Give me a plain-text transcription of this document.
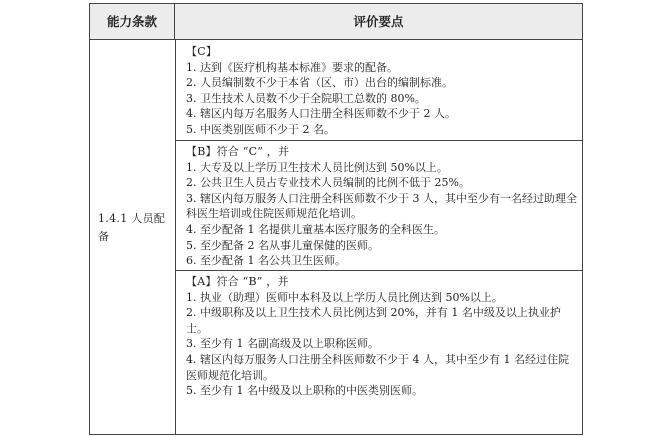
能力条款	评价要点
1.4.1 人员配备
【C】
1. 达到《医疗机构基本标准》要求的配备。
2. 人员编制数不少于本省（区、市）出台的编制标准。
3. 卫生技术人员数不少于全院职工总数的 80%。
4. 辖区内每万名服务人口注册全科医师数不少于 2 人。
5. 中医类别医师不少于 2 名。
【B】符合 “C” ，并
1. 大专及以上学历卫生技术人员比例达到 50%以上。
2. 公共卫生人员占专业技术人员编制的比例不低于 25%。
3. 辖区内每万服务人口注册全科医师数不少于 3 人，其中至少有一名经过助理全科医生培训或住院医师规范化培训。
4. 至少配备 1 名提供儿童基本医疗服务的全科医生。
5. 至少配备 2 名从事儿童保健的医师。
6. 至少配备 1 名公共卫生医师。
【A】符合 “B” ，并
1. 执业（助理）医师中本科及以上学历人员比例达到 50%以上。
2. 中级职称及以上卫生技术人员比例达到 20%，并有 1 名中级及以上执业护士。
3. 至少有 1 名副高级及以上职称医师。
4. 辖区内每万服务人口注册全科医师数不少于 4 人，其中至少有 1 名经过住院医师规范化培训。
5. 至少有 1 名中级及以上职称的中医类别医师。
